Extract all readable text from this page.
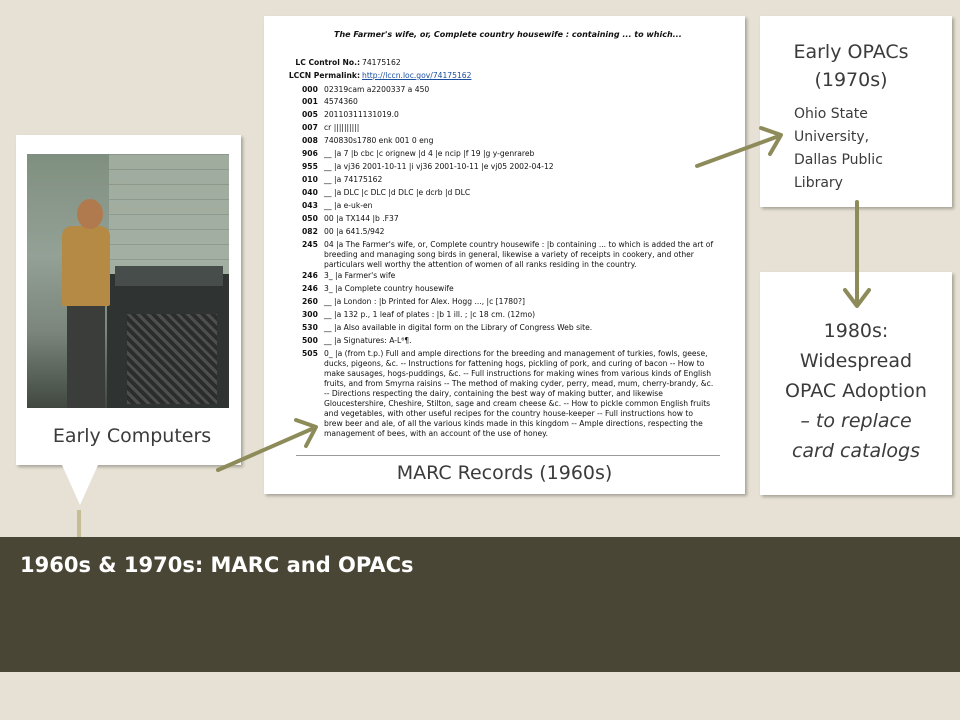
Early Computers
The Farmer's wife, or, Complete country housewife : containing ... to which...
LC Control No.: 74175162
LCCN Permalink: http://lccn.loc.gov/74175162
000 02319cam a2200337 a 450
001 4574360
005 20110311131019.0
007 cr ||||||||||
008 740830s1780 enk 001 0 eng
906 __ |a 7 |b cbc |c orignew |d 4 |e ncip |f 19 |g y-genrareb
955 __ |a vj36 2001-10-11 |i vj36 2001-10-11 |e vj05 2002-04-12
010 __ |a 74175162
040 __ |a DLC |c DLC |d DLC |e dcrb |d DLC
043 __ |a e-uk-en
050 00 |a TX144 |b .F37
082 00 |a 641.5/942
245 04 |a The Farmer's wife, or, Complete country housewife : |b containing ... to which is added the art of breeding and managing song birds in general, likewise a variety of receipts in cookery, and other particulars well worthy the attention of women of all ranks residing in the country.
246 3_ |a Farmer's wife
246 3_ |a Complete country housewife
260 __ |a London : |b Printed for Alex. Hogg ..., |c [1780?]
300 __ |a 132 p., 1 leaf of plates : |b 1 ill. ; |c 18 cm. (12mo)
530 __ |a Also available in digital form on the Library of Congress Web site.
500 __ |a Signatures: A-L⁶¶.
505 0_ |a (from t.p.) Full and ample directions for the breeding and management of turkies, fowls, geese, ducks, pigeons, &c. -- Instructions for fattening hogs, pickling of pork, and curing of bacon -- How to make sausages, hogs-puddings, &c. -- Full instructions for making wines from various kinds of English fruits, and from Smyrna raisins -- The method of making cyder, perry, mead, mum, cherry-brandy, &c. -- Directions respecting the dairy, containing the best way of making butter, and likewise Gloucestershire, Cheshire, Stilton, sage and cream cheese &c. -- How to pickle common English fruits and vegetables, with other useful recipes for the country house-keeper -- Full instructions how to brew beer and ale, of all the various kinds made in this kingdom -- Ample directions, respecting the management of bees, with an account of the use of honey.
MARC Records (1960s)
Early OPACs
(1970s)
Ohio State
University,
Dallas Public
Library
1980s:
Widespread
OPAC Adoption
– to replace
card catalogs
1960s & 1970s: MARC and OPACs
